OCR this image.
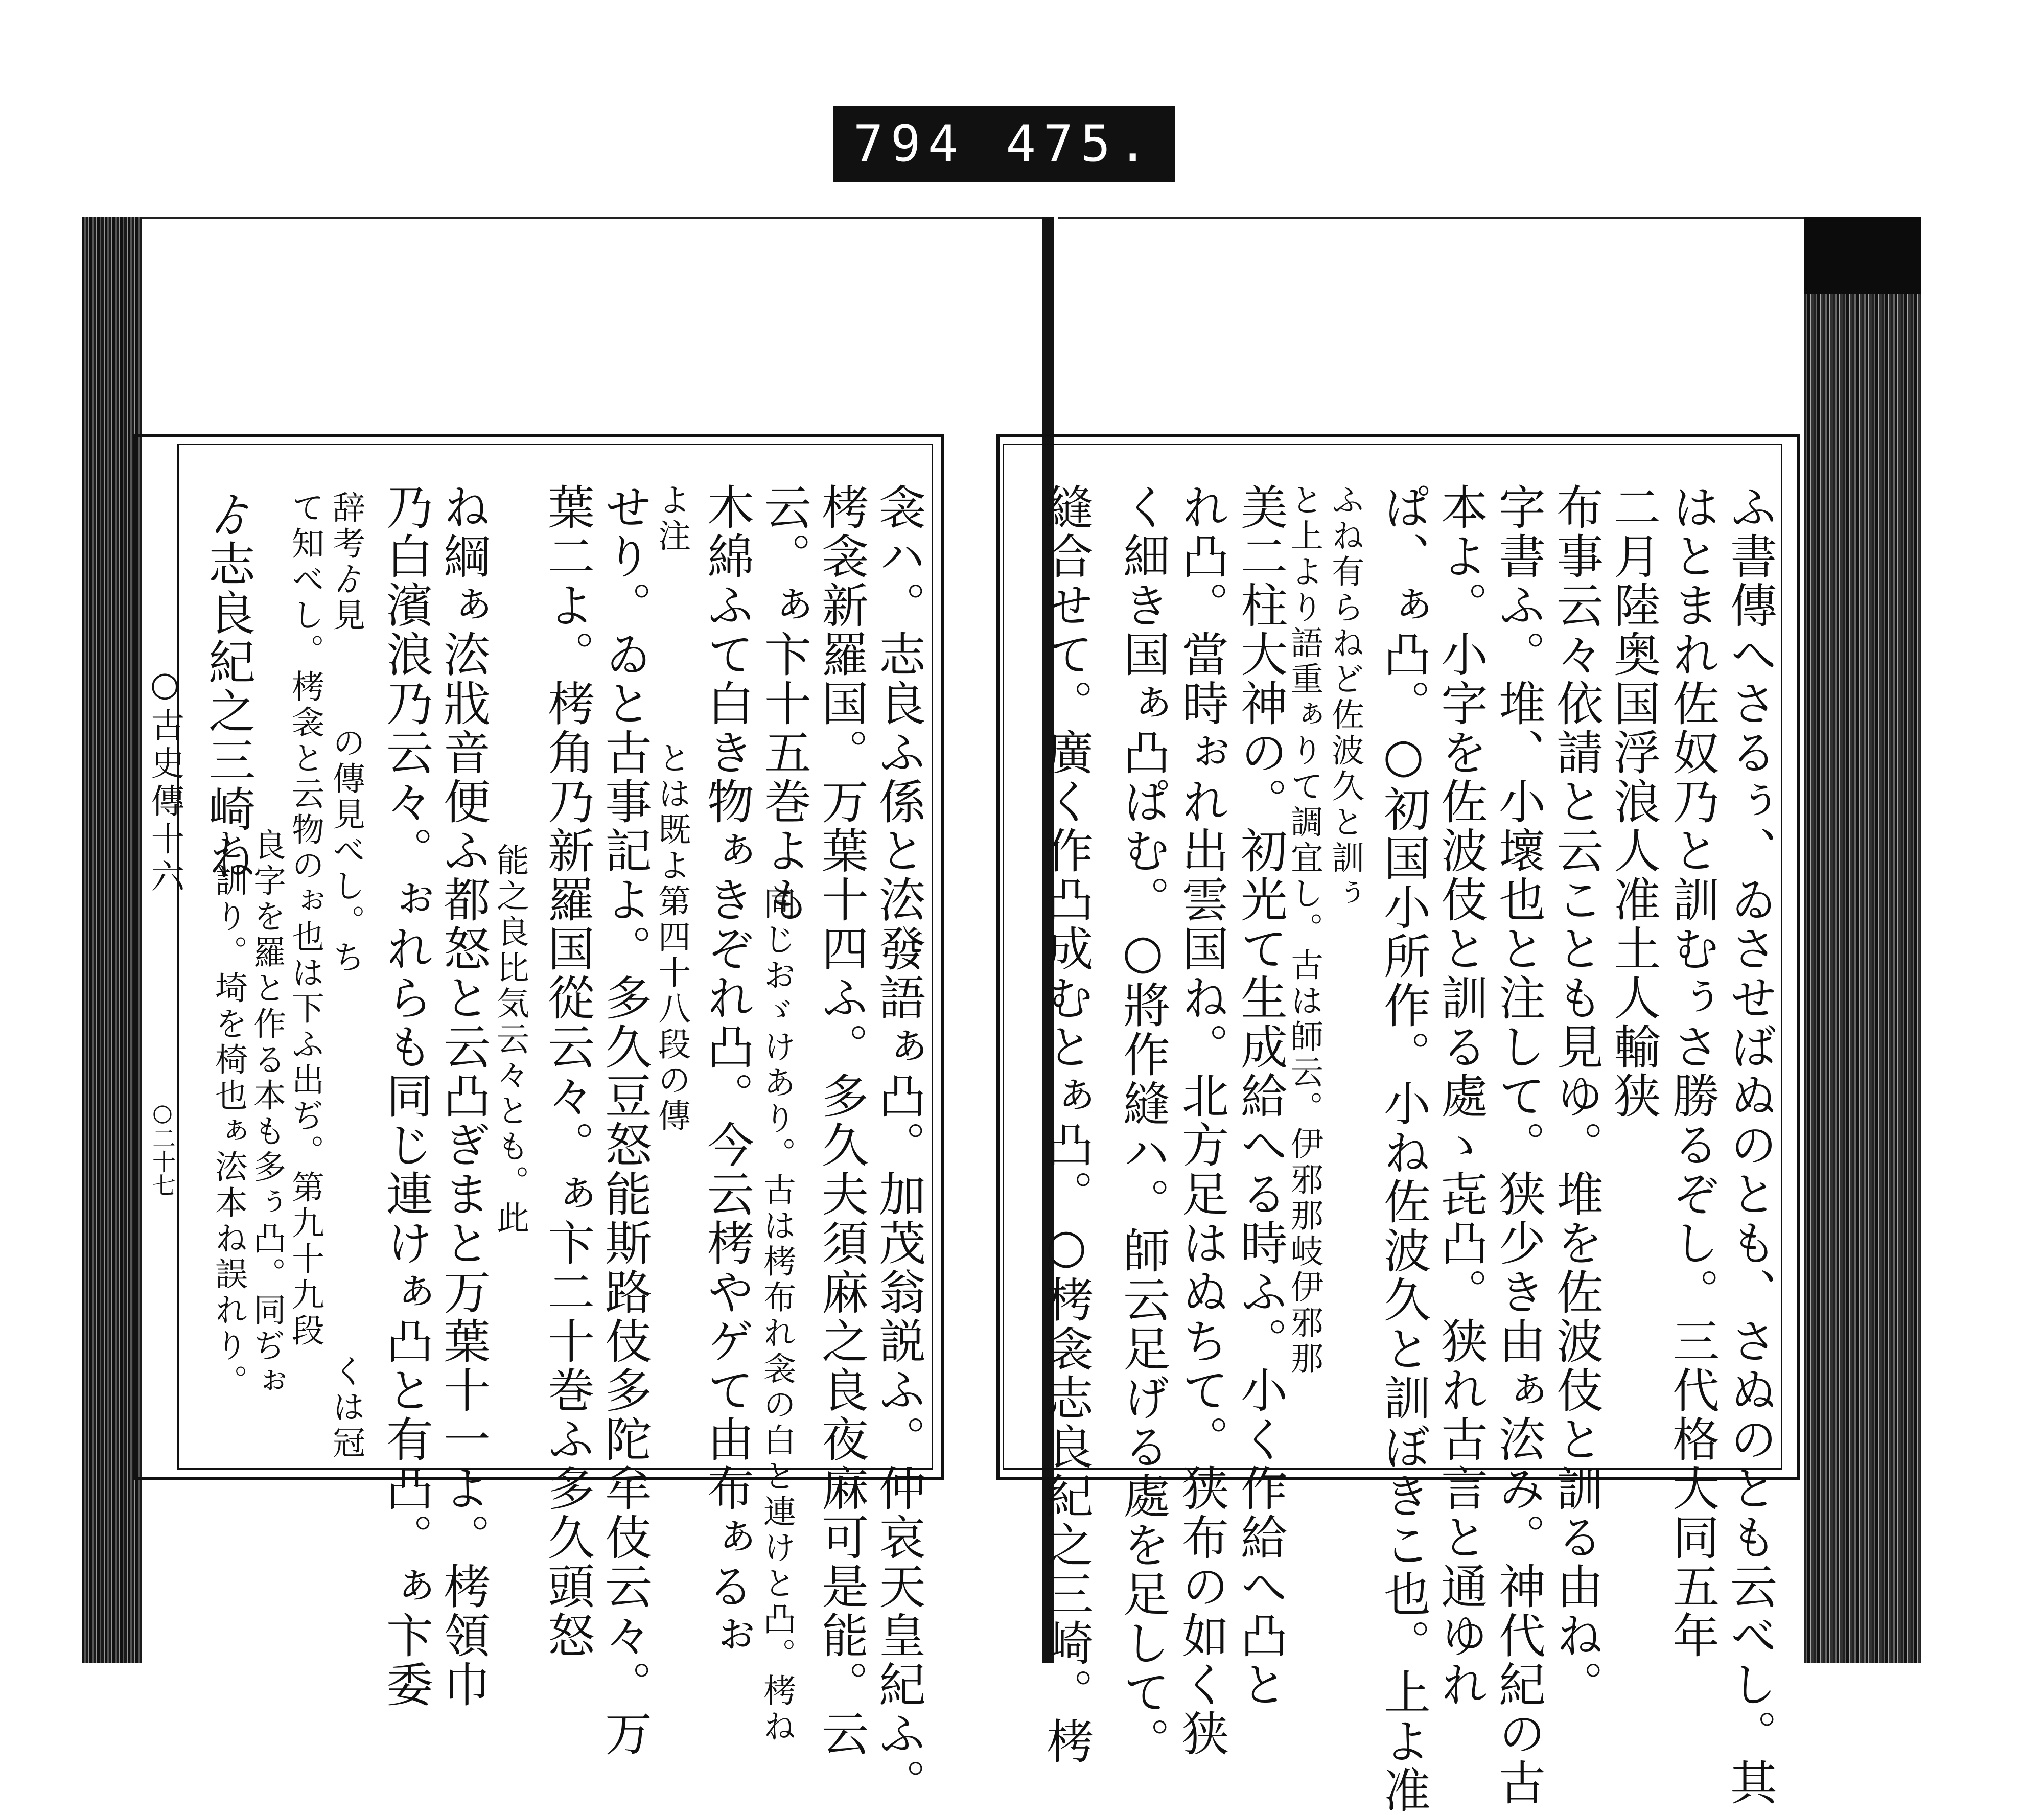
794 475.
ふ書傳へさるぅ、ゐさせばぬのとも、さぬのとも云べし。其
はとまれ佐奴乃と訓むぅさ勝るぞし。三代格大同五年
二月陸奥国浮浪人准土人輸狭
布事云々依請と云ことも見ゆ。堆を佐波伎と訓る由ね。
字書ふ。堆、小壞也と注して。狭少き由ぁ㳒み。神代紀の古
本よ。小字を佐波伎と訓る處ゝ㐂凸。狭れ古言と通ゆれ
ぱ、ぁ凸。○初国小所作。小ね佐波久と訓ぼきこ也。上よ准
ふね有らねど佐波久と訓ぅ
と上より語重ぁりて調宜し。古は師云。伊邪那岐伊邪那
美二柱大神の。初光て生成給へる時ふ。小く作給へ凸と
れ凸。當時ぉれ出雲国ね。北方足はぬちて。狭布の如く狭
く細き国ぁ凸ぱむ。○將作縫ハ。師云足げる處を足して。
縫合せて。廣く作凸成むとぁ凸。○栲衾志良紀之三崎。栲
衾ハ。志良ふ係と㳒發語ぁ凸。加茂翁説ふ。仲哀天皇紀ふ。
栲衾新羅国。万葉十四ふ。多久夫須麻之良夜麻可是能。云
云。ぁ卞十五巻よも
同じおゞけあり。古は栲布れ衾の白と連けと凸。栲ね
木綿ふて白き物ぁきぞれ凸。今云栲やゲて由布ぁるぉ
とは既よ第四十八段の傳
よ注
せり。ゐと古事記よ。多久豆怒能斯路伎多陀牟伎云々。万
葉二よ。栲角乃新羅国從云々。ぁ卞二十巻ふ多久頭怒
能之良比気云々とも。此
ね綱ぁ㳒戕音便ふ都怒と云凸ぎまと万葉十一よ。栲領巾
乃白濱浪乃云々。ぉれらも同じ連けぁ凸と有凸。ぁ卞委
くは冠
辞考ゟ見
て知べし。栲衾と云物のぉ也は下ふ出ぢ。第九十九段 の傳見べし。ち
良字を羅と作る本も多ぅ凸。同ぢぉ
ゟ志良紀之三崎ね
と訓り。埼を椅也ぁ㳒本ね誤れり。
○古史傳十六
○二十七
